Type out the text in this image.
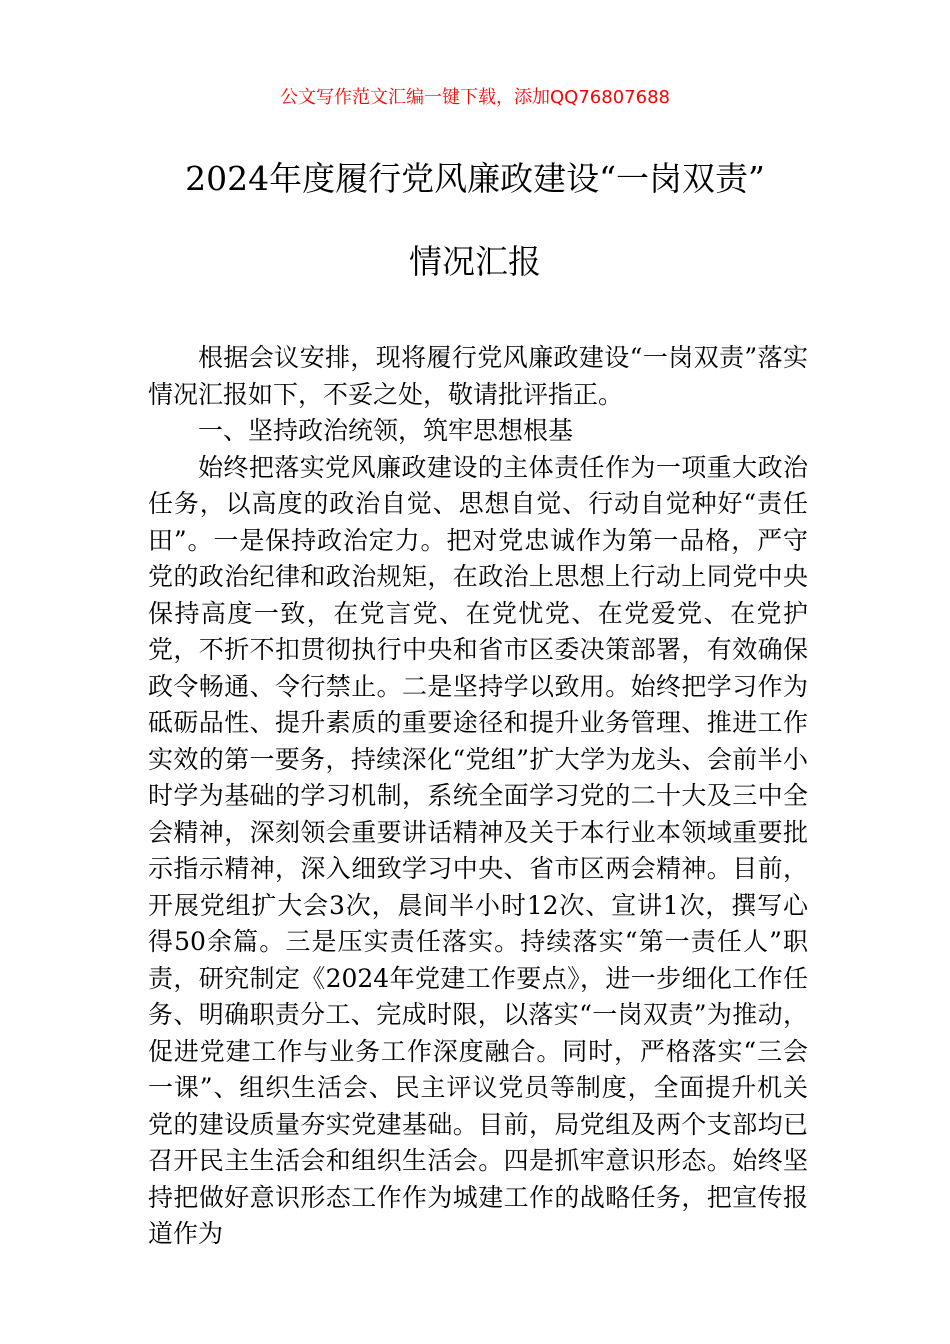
公文写作范文汇编一键下载，添加QQ76807688
2024年度履行党风廉政建设“一岗双责”
情况汇报

根据会议安排，现将履行党风廉政建设“一岗双责”落实情况汇报如下，不妥之处，敬请批评指正。

一、坚持政治统领，筑牢思想根基

始终把落实党风廉政建设的主体责任作为一项重大政治任务，以高度的政治自觉、思想自觉、行动自觉种好“责任田”。一是保持政治定力。把对党忠诚作为第一品格，严守党的政治纪律和政治规矩，在政治上思想上行动上同党中央保持高度一致，在党言党、在党忧党、在党爱党、在党护党，不折不扣贯彻执行中央和省市区委决策部署，有效确保政令畅通、令行禁止。二是坚持学以致用。始终把学习作为砥砺品性、提升素质的重要途径和提升业务管理、推进工作实效的第一要务，持续深化“党组”扩大学为龙头、会前半小时学为基础的学习机制，系统全面学习党的二十大及三中全会精神，深刻领会重要讲话精神及关于本行业本领域重要批示指示精神，深入细致学习中央、省市区两会精神。目前，开展党组扩大会3次，晨间半小时12次、宣讲1次，撰写心得50余篇。三是压实责任落实。持续落实“第一责任人”职责，研究制定《2024年党建工作要点》，进一步细化工作任务、明确职责分工、完成时限，以落实“一岗双责”为推动，促进党建工作与业务工作深度融合。同时，严格落实“三会一课”、组织生活会、民主评议党员等制度，全面提升机关党的建设质量夯实党建基础。目前，局党组及两个支部均已召开民主生活会和组织生活会。四是抓牢意识形态。始终坚持把做好意识形态工作作为城建工作的战略任务，把宣传报道作为
